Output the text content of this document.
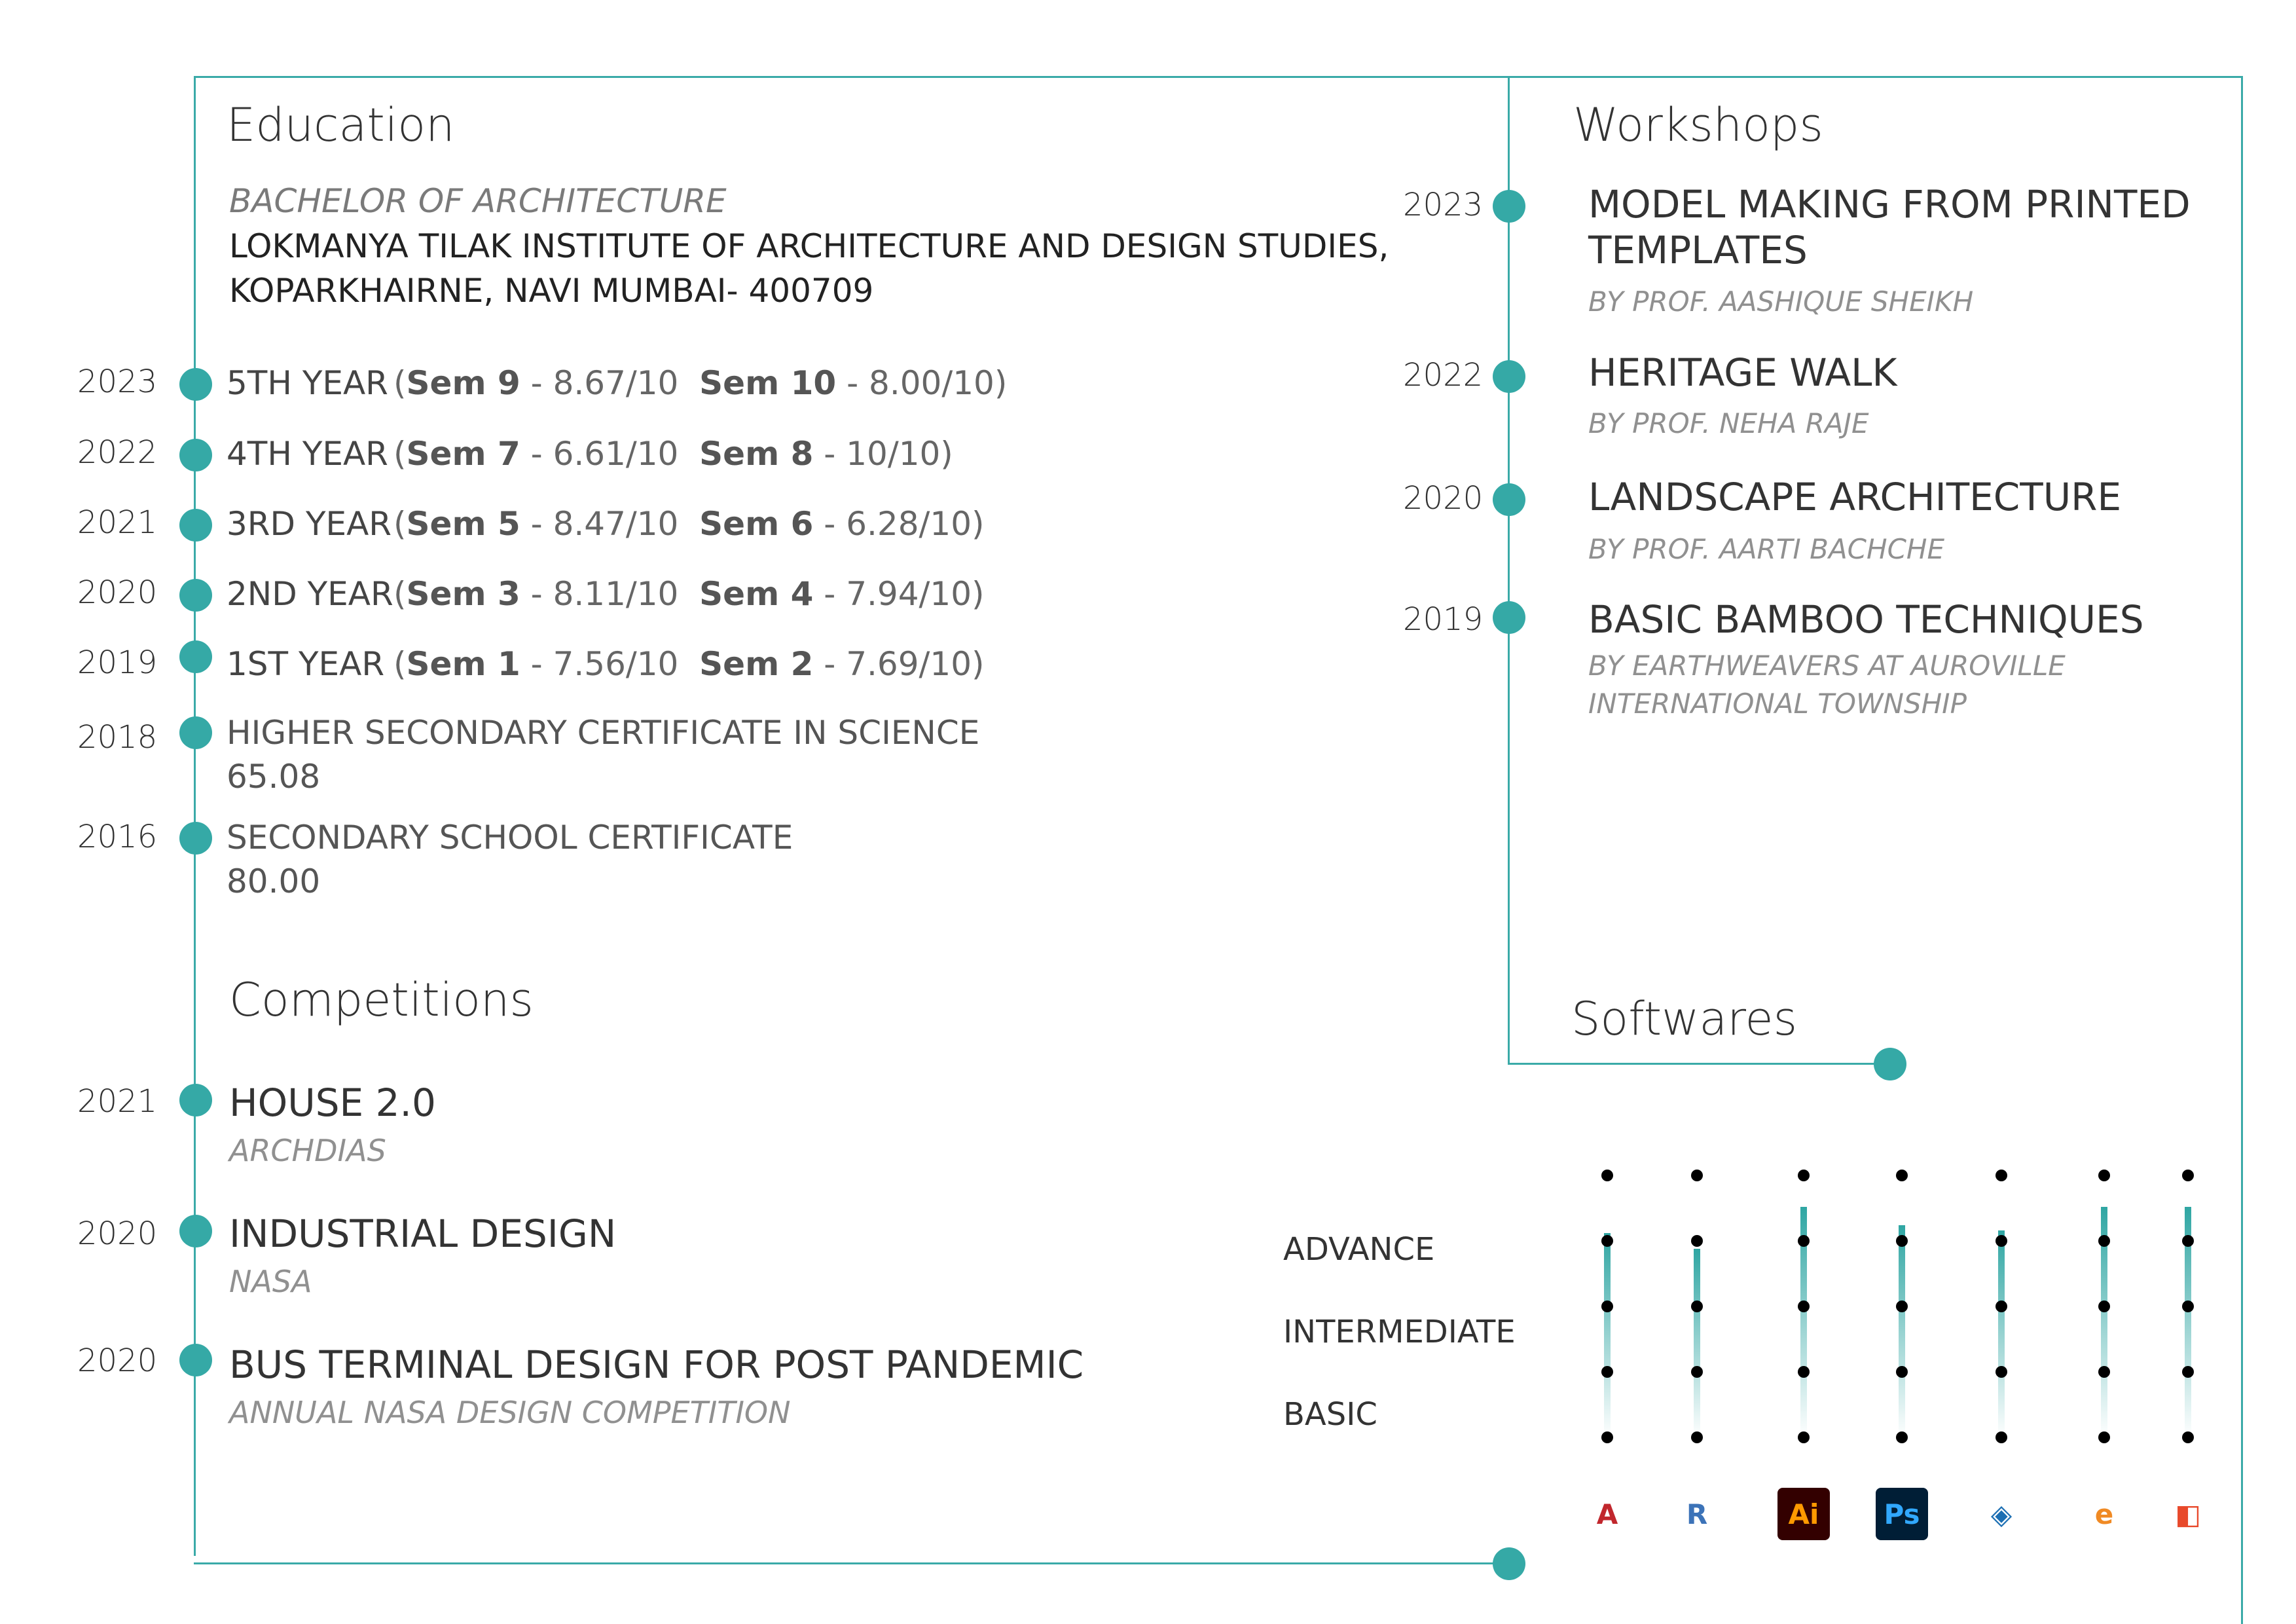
Education
BACHELOR OF ARCHITECTURE
LOKMANYA TILAK INSTITUTE OF ARCHITECTURE AND DESIGN STUDIES,
KOPARKHAIRNE, NAVI MUMBAI- 400709
2023 5TH YEAR (Sem 9 - 8.67/10 Sem 10 - 8.00/10)
2022 4TH YEAR (Sem 7 - 6.61/10 Sem 8 - 10/10)
2021 3RD YEAR(Sem 5 - 8.47/10 Sem 6 - 6.28/10)
2020 2ND YEAR(Sem 3 - 8.11/10 Sem 4 - 7.94/10)
2019 1ST YEAR (Sem 1 - 7.56/10 Sem 2 - 7.69/10)
2018 HIGHER SECONDARY CERTIFICATE IN SCIENCE
65.08
2016 SECONDARY SCHOOL CERTIFICATE
80.00
Competitions
2021 HOUSE 2.0
ARCHDIAS
2020 INDUSTRIAL DESIGN
NASA
2020 BUS TERMINAL DESIGN FOR POST PANDEMIC
ANNUAL NASA DESIGN COMPETITION
Workshops
2023	MODEL MAKING FROM PRINTED
TEMPLATES
BY PROF. AASHIQUE SHEIKH
2022	HERITAGE WALK
BY PROF. NEHA RAJE
2020	LANDSCAPE ARCHITECTURE
BY PROF. AARTI BACHCHE
2019	BASIC BAMBOO TECHNIQUES
BY EARTHWEAVERS AT AUROVILLE
INTERNATIONAL TOWNSHIP
Softwares
ADVANCE
INTERMEDIATE
BASIC
A	R	Ai	Ps	◈	e	◧
